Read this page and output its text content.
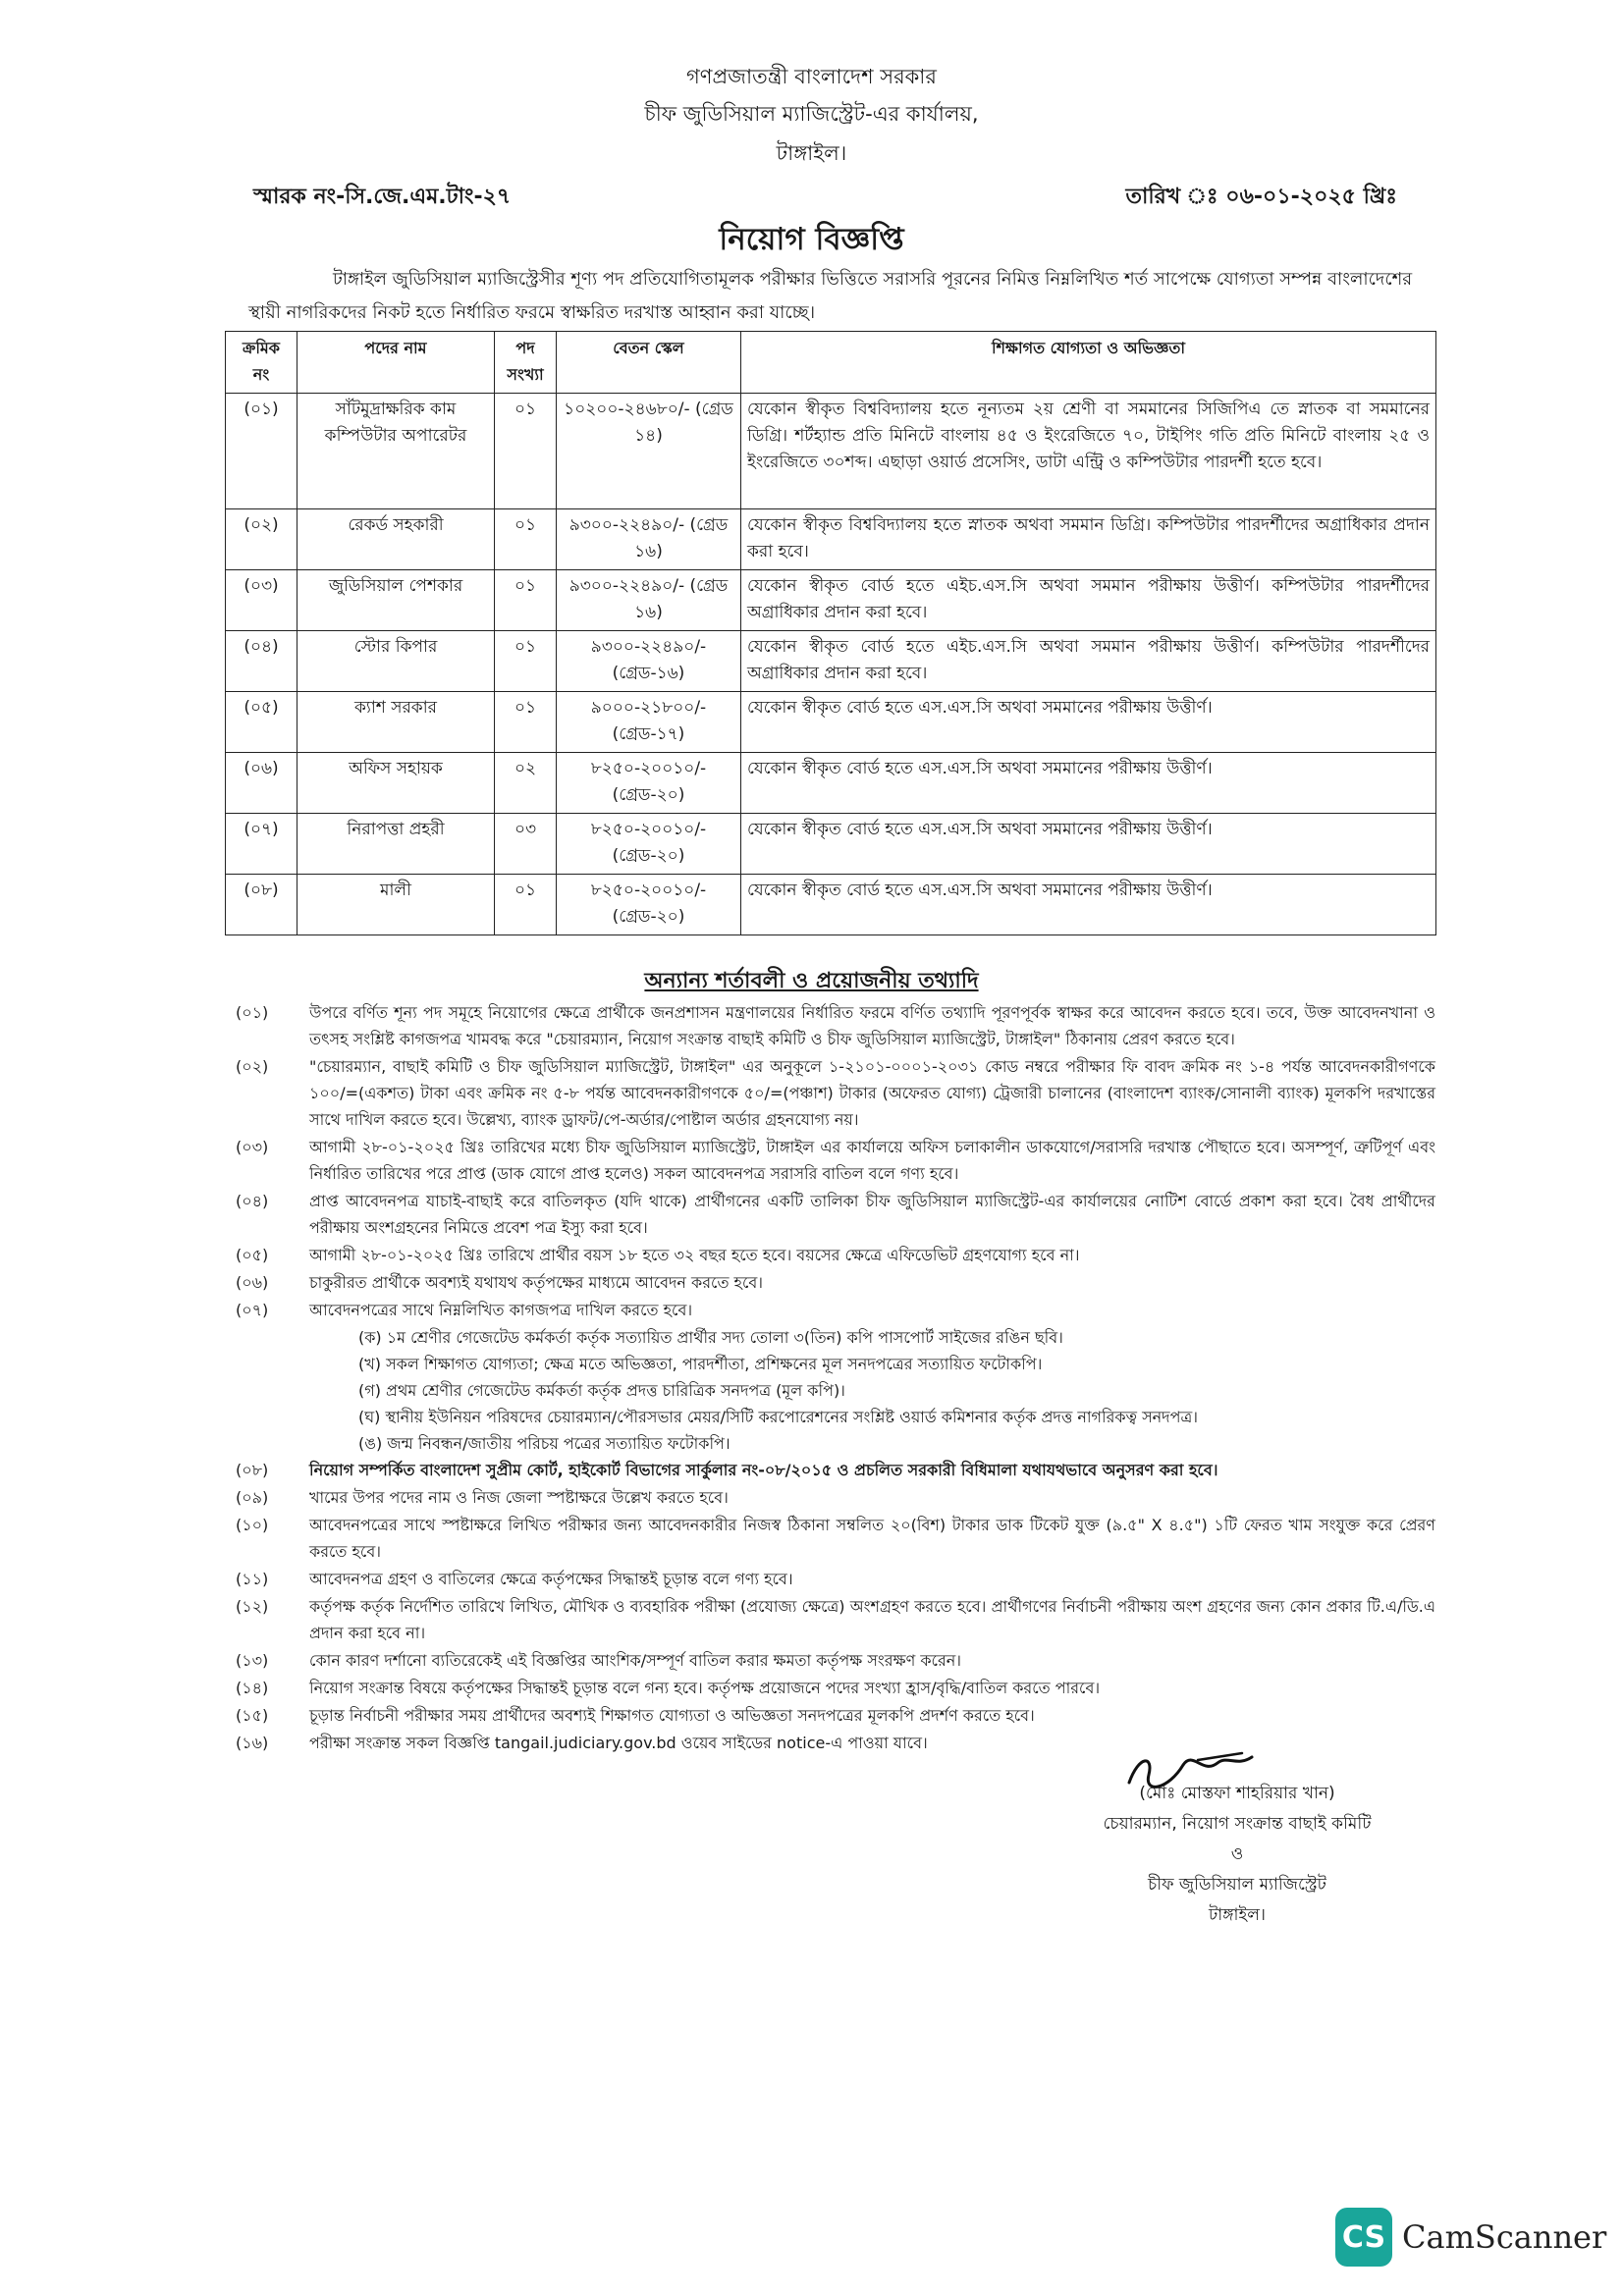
গণপ্রজাতন্ত্রী বাংলাদেশ সরকার
চীফ জুডিসিয়াল ম্যাজিস্ট্রেট-এর কার্যালয়,
টাঙ্গাইল।
স্মারক নং-সি.জে.এম.টাং-২৭	তারিখ ঃ ০৬-০১-২০২৫ খ্রিঃ
নিয়োগ বিজ্ঞপ্তি
টাঙ্গাইল জুডিসিয়াল ম্যাজিস্ট্রেসীর শূণ্য পদ প্রতিযোগিতামূলক পরীক্ষার ভিত্তিতে সরাসরি পূরনের নিমিত্ত নিম্নলিখিত শর্ত সাপেক্ষে যোগ্যতা সম্পন্ন বাংলাদেশের স্থায়ী নাগরিকদের নিকট হতে নির্ধারিত ফরমে স্বাক্ষরিত দরখাস্ত আহ্বান করা যাচ্ছে।
ক্রমিক নং	পদের নাম	পদ সংখ্যা	বেতন স্কেল	শিক্ষাগত যোগ্যতা ও অভিজ্ঞতা
(০১)	সাঁটমুদ্রাক্ষরিক কাম কম্পিউটার অপারেটর	০১	১০২০০-২৪৬৮০/- (গ্রেড ১৪)	যেকোন স্বীকৃত বিশ্ববিদ্যালয় হতে নূন্যতম ২য় শ্রেণী বা সমমানের সিজিপিএ তে স্নাতক বা সমমানের ডিগ্রি। শর্টহ্যান্ড প্রতি মিনিটে বাংলায় ৪৫ ও ইংরেজিতে ৭০, টাইপিং গতি প্রতি মিনিটে বাংলায় ২৫ ও ইংরেজিতে ৩০শব্দ। এছাড়া ওয়ার্ড প্রসেসিং, ডাটা এন্ট্রি ও কম্পিউটার পারদর্শী হতে হবে।
(০২)	রেকর্ড সহকারী	০১	৯৩০০-২২৪৯০/- (গ্রেড ১৬)	যেকোন স্বীকৃত বিশ্ববিদ্যালয় হতে স্নাতক অথবা সমমান ডিগ্রি। কম্পিউটার পারদর্শীদের অগ্রাধিকার প্রদান করা হবে।
(০৩)	জুডিসিয়াল পেশকার	০১	৯৩০০-২২৪৯০/- (গ্রেড ১৬)	যেকোন স্বীকৃত বোর্ড হতে এইচ.এস.সি অথবা সমমান পরীক্ষায় উত্তীর্ণ। কম্পিউটার পারদর্শীদের অগ্রাধিকার প্রদান করা হবে।
(০৪)	স্টোর কিপার	০১	৯৩০০-২২৪৯০/- (গ্রেড-১৬)	যেকোন স্বীকৃত বোর্ড হতে এইচ.এস.সি অথবা সমমান পরীক্ষায় উত্তীর্ণ। কম্পিউটার পারদর্শীদের অগ্রাধিকার প্রদান করা হবে।
(০৫)	ক্যাশ সরকার	০১	৯০০০-২১৮০০/- (গ্রেড-১৭)	যেকোন স্বীকৃত বোর্ড হতে এস.এস.সি অথবা সমমানের পরীক্ষায় উত্তীর্ণ।
(০৬)	অফিস সহায়ক	০২	৮২৫০-২০০১০/- (গ্রেড-২০)	যেকোন স্বীকৃত বোর্ড হতে এস.এস.সি অথবা সমমানের পরীক্ষায় উত্তীর্ণ।
(০৭)	নিরাপত্তা প্রহরী	০৩	৮২৫০-২০০১০/- (গ্রেড-২০)	যেকোন স্বীকৃত বোর্ড হতে এস.এস.সি অথবা সমমানের পরীক্ষায় উত্তীর্ণ।
(০৮)	মালী	০১	৮২৫০-২০০১০/- (গ্রেড-২০)	যেকোন স্বীকৃত বোর্ড হতে এস.এস.সি অথবা সমমানের পরীক্ষায় উত্তীর্ণ।
অন্যান্য শর্তাবলী ও প্রয়োজনীয় তথ্যাদি
(০১)	উপরে বর্ণিত শূন্য পদ সমূহে নিয়োগের ক্ষেত্রে প্রার্থীকে জনপ্রশাসন মন্ত্রণালয়ের নির্ধারিত ফরমে বর্ণিত তথ্যাদি পূরণপূর্বক স্বাক্ষর করে আবেদন করতে হবে। তবে, উক্ত আবেদনখানা ও তৎসহ সংশ্লিষ্ট কাগজপত্র খামবদ্ধ করে "চেয়ারম্যান, নিয়োগ সংক্রান্ত বাছাই কমিটি ও চীফ জুডিসিয়াল ম্যাজিস্ট্রেট, টাঙ্গাইল" ঠিকানায় প্রেরণ করতে হবে।
(০২)	"চেয়ারম্যান, বাছাই কমিটি ও চীফ জুডিসিয়াল ম্যাজিস্ট্রেট, টাঙ্গাইল" এর অনুকূলে ১-২১০১-০০০১-২০৩১ কোড নম্বরে পরীক্ষার ফি বাবদ ক্রমিক নং ১-৪ পর্যন্ত আবেদনকারীগণকে ১০০/=(একশত) টাকা এবং ক্রমিক নং ৫-৮ পর্যন্ত আবেদনকারীগণকে ৫০/=(পঞ্চাশ) টাকার (অফেরত যোগ্য) ট্রেজারী চালানের (বাংলাদেশ ব্যাংক/সোনালী ব্যাংক) মূলকপি দরখাস্তের সাথে দাখিল করতে হবে। উল্লেখ্য, ব্যাংক ড্রাফট/পে-অর্ডার/পোষ্টাল অর্ডার গ্রহনযোগ্য নয়।
(০৩)	আগামী ২৮-০১-২০২৫ খ্রিঃ তারিখের মধ্যে চীফ জুডিসিয়াল ম্যাজিস্ট্রেট, টাঙ্গাইল এর কার্যালয়ে অফিস চলাকালীন ডাকযোগে/সরাসরি দরখাস্ত পৌছাতে হবে। অসম্পূর্ণ, ত্রুটিপূর্ণ এবং নির্ধারিত তারিখের পরে প্রাপ্ত (ডাক যোগে প্রাপ্ত হলেও) সকল আবেদনপত্র সরাসরি বাতিল বলে গণ্য হবে।
(০৪)	প্রাপ্ত আবেদনপত্র যাচাই-বাছাই করে বাতিলকৃত (যদি থাকে) প্রার্থীগনের একটি তালিকা চীফ জুডিসিয়াল ম্যাজিস্ট্রেট-এর কার্যালয়ের নোটিশ বোর্ডে প্রকাশ করা হবে। বৈধ প্রার্থীদের পরীক্ষায় অংশগ্রহনের নিমিত্তে প্রবেশ পত্র ইস্যু করা হবে।
(০৫)	আগামী ২৮-০১-২০২৫ খ্রিঃ তারিখে প্রার্থীর বয়স ১৮ হতে ৩২ বছর হতে হবে। বয়সের ক্ষেত্রে এফিডেভিট গ্রহণযোগ্য হবে না।
(০৬)	চাকুরীরত প্রার্থীকে অবশ্যই যথাযথ কর্তৃপক্ষের মাধ্যমে আবেদন করতে হবে।
(০৭)	আবেদনপত্রের সাথে নিম্নলিখিত কাগজপত্র দাখিল করতে হবে।
(ক) ১ম শ্রেণীর গেজেটেড কর্মকর্তা কর্তৃক সত্যায়িত প্রার্থীর সদ্য তোলা ৩(তিন) কপি পাসপোর্ট সাইজের রঙিন ছবি।
(খ) সকল শিক্ষাগত যোগ্যতা; ক্ষেত্র মতে অভিজ্ঞতা, পারদর্শীতা, প্রশিক্ষনের মূল সনদপত্রের সত্যায়িত ফটোকপি।
(গ) প্রথম শ্রেণীর গেজেটেড কর্মকর্তা কর্তৃক প্রদত্ত চারিত্রিক সনদপত্র (মূল কপি)।
(ঘ) স্থানীয় ইউনিয়ন পরিষদের চেয়ারম্যান/পৌরসভার মেয়র/সিটি করপোরেশনের সংশ্লিষ্ট ওয়ার্ড কমিশনার কর্তৃক প্রদত্ত নাগরিকত্ব সনদপত্র।
(ঙ) জন্ম নিবন্ধন/জাতীয় পরিচয় পত্রের সত্যায়িত ফটোকপি।
(০৮)	নিয়োগ সম্পর্কিত বাংলাদেশ সুপ্রীম কোর্ট, হাইকোর্ট বিভাগের সার্কুলার নং-০৮/২০১৫ ও প্রচলিত সরকারী বিধিমালা যথাযথভাবে অনুসরণ করা হবে।
(০৯)	খামের উপর পদের নাম ও নিজ জেলা স্পষ্টাক্ষরে উল্লেখ করতে হবে।
(১০)	আবেদনপত্রের সাথে স্পষ্টাক্ষরে লিখিত পরীক্ষার জন্য আবেদনকারীর নিজস্ব ঠিকানা সম্বলিত ২০(বিশ) টাকার ডাক টিকেট যুক্ত (৯.৫" X ৪.৫") ১টি ফেরত খাম সংযুক্ত করে প্রেরণ করতে হবে।
(১১)	আবেদনপত্র গ্রহণ ও বাতিলের ক্ষেত্রে কর্তৃপক্ষের সিদ্ধান্তই চূড়ান্ত বলে গণ্য হবে।
(১২)	কর্তৃপক্ষ কর্তৃক নির্দেশিত তারিখে লিখিত, মৌখিক ও ব্যবহারিক পরীক্ষা (প্রযোজ্য ক্ষেত্রে) অংশগ্রহণ করতে হবে। প্রার্থীগণের নির্বাচনী পরীক্ষায় অংশ গ্রহণের জন্য কোন প্রকার টি.এ/ডি.এ প্রদান করা হবে না।
(১৩)	কোন কারণ দর্শানো ব্যতিরেকেই এই বিজ্ঞপ্তির আংশিক/সম্পূর্ণ বাতিল করার ক্ষমতা কর্তৃপক্ষ সংরক্ষণ করেন।
(১৪)	নিয়োগ সংক্রান্ত বিষয়ে কর্তৃপক্ষের সিদ্ধান্তই চূড়ান্ত বলে গন্য হবে। কর্তৃপক্ষ প্রয়োজনে পদের সংখ্যা হ্রাস/বৃদ্ধি/বাতিল করতে পারবে।
(১৫)	চূড়ান্ত নির্বাচনী পরীক্ষার সময় প্রার্থীদের অবশ্যই শিক্ষাগত যোগ্যতা ও অভিজ্ঞতা সনদপত্রের মূলকপি প্রদর্শণ করতে হবে।
(১৬)	পরীক্ষা সংক্রান্ত সকল বিজ্ঞপ্তি tangail.judiciary.gov.bd ওয়েব সাইডের notice-এ পাওয়া যাবে।
(মোঃ মোস্তফা শাহরিয়ার খান)
চেয়ারম্যান, নিয়োগ সংক্রান্ত বাছাই কমিটি
ও
চীফ জুডিসিয়াল ম্যাজিস্ট্রেট
টাঙ্গাইল।
CS CamScanner
